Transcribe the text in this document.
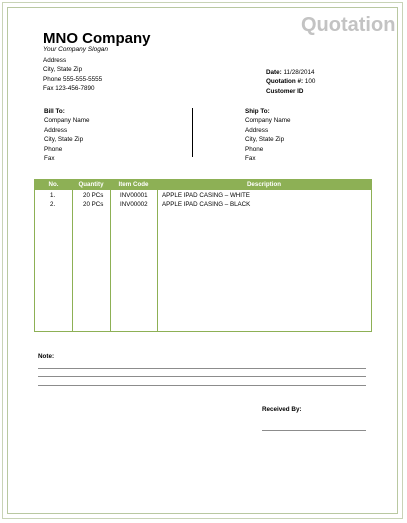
Quotation
MNO Company
Your Company Slogan
Address
City, State Zip
Phone 555-555-5555
Fax 123-456-7890
Date: 11/28/2014
Quotation #: 100
Customer ID
Bill To:
Company Name
Address
City, State Zip
Phone
Fax
Ship To:
Company Name
Address
City, State Zip
Phone
Fax
No.	Quantity	Item Code	Description
1.	20 PCs	INV00001 APPLE IPAD CASING – WHITE
2.	20 PCs	INV00002 APPLE IPAD CASING – BLACK
Note:
Received By:
